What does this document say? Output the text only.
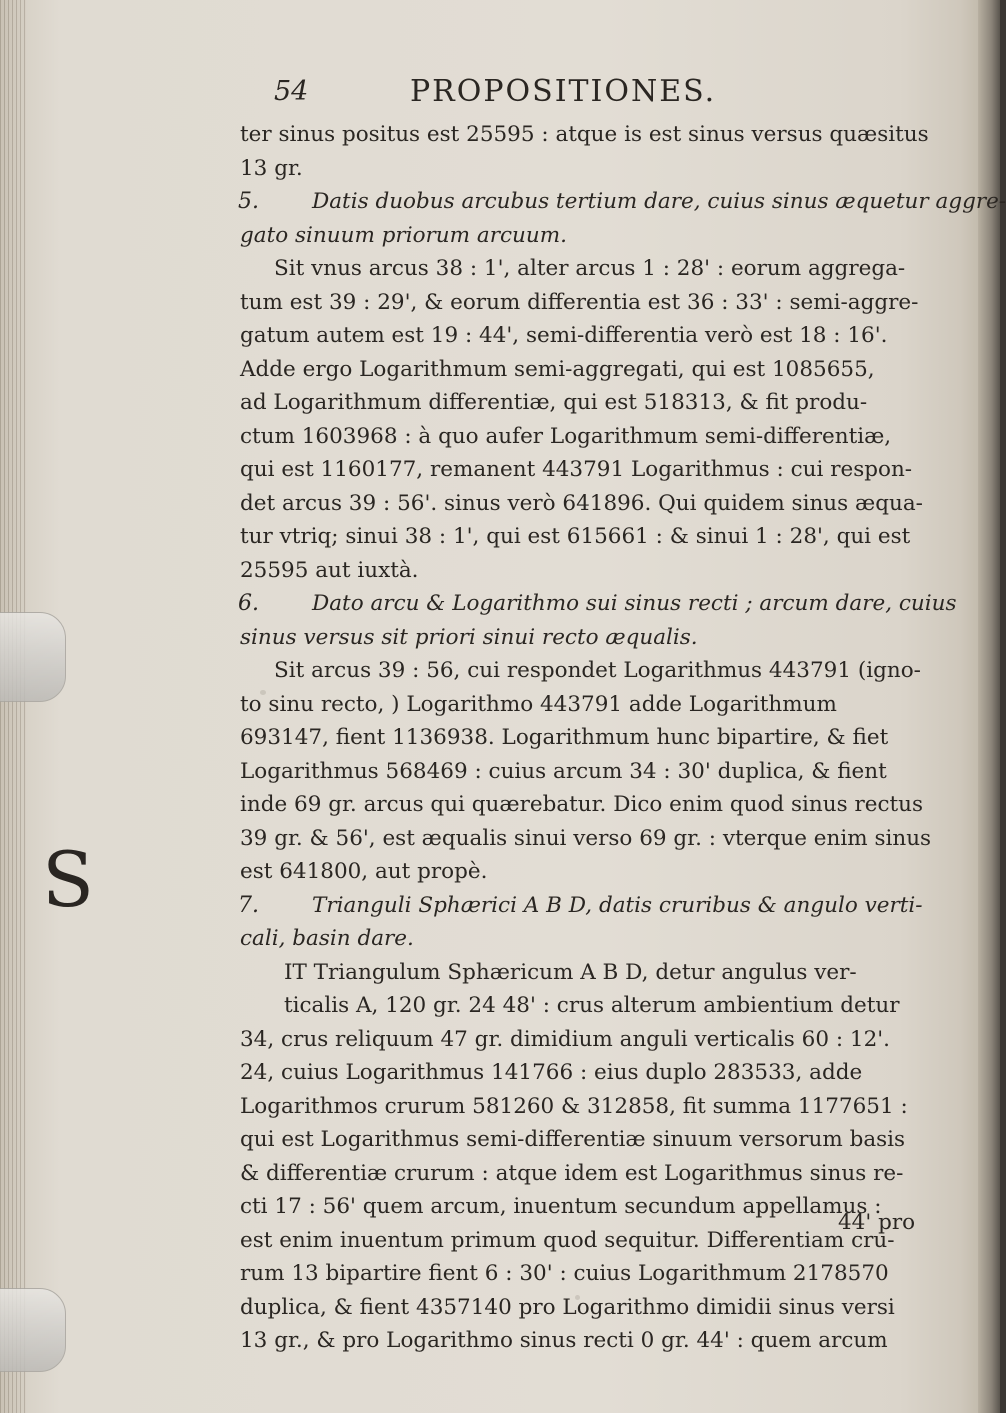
54	PROPOSITIONES.
ter sinus positus est 25595 : atque is est sinus versus quæsitus
13 gr.
5. Datis duobus arcubus tertium dare, cuius sinus æquetur aggre-
gato sinuum priorum arcuum.
Sit vnus arcus 38 : 1', alter arcus 1 : 28' : eorum aggrega-
tum est 39 : 29', & eorum differentia est 36 : 33' : semi-aggre-
gatum autem est 19 : 44', semi-differentia verò est 18 : 16'.
Adde ergo Logarithmum semi-aggregati, qui est 1085655,
ad Logarithmum differentiæ, qui est 518313, & fit produ-
ctum 1603968 : à quo aufer Logarithmum semi-differentiæ,
qui est 1160177, remanent 443791 Logarithmus : cui respon-
det arcus 39 : 56'. sinus verò 641896. Qui quidem sinus æqua-
tur vtriq; sinui 38 : 1', qui est 615661 : & sinui 1 : 28', qui est
25595 aut iuxtà.
6. Dato arcu & Logarithmo sui sinus recti ; arcum dare, cuius
sinus versus sit priori sinui recto æqualis.
Sit arcus 39 : 56, cui respondet Logarithmus 443791 (igno-
to sinu recto, ) Logarithmo 443791 adde Logarithmum
693147, fient 1136938. Logarithmum hunc bipartire, & fiet
Logarithmus 568469 : cuius arcum 34 : 30' duplica, & fient
inde 69 gr. arcus qui quærebatur. Dico enim quod sinus rectus
39 gr. & 56', est æqualis sinui verso 69 gr. : vterque enim sinus
est 641800, aut propè.
7. Trianguli Sphærici A B D, datis cruribus & angulo verti-
cali, basin dare.
IT Triangulum Sphæricum A B D, detur angulus ver-
ticalis A, 120 gr. 24 48' : crus alterum ambientium detur
34, crus reliquum 47 gr. dimidium anguli verticalis 60 : 12'.
24, cuius Logarithmus 141766 : eius duplo 283533, adde
Logarithmos crurum 581260 & 312858, fit summa 1177651 :
qui est Logarithmus semi-differentiæ sinuum versorum basis
& differentiæ crurum : atque idem est Logarithmus sinus re-
cti 17 : 56' quem arcum, inuentum secundum appellamus :
est enim inuentum primum quod sequitur. Differentiam cru-
rum 13 bipartire fient 6 : 30' : cuius Logarithmum 2178570
duplica, & fient 4357140 pro Logarithmo dimidii sinus versi
13 gr., & pro Logarithmo sinus recti 0 gr. 44' : quem arcum
S
44' pro
